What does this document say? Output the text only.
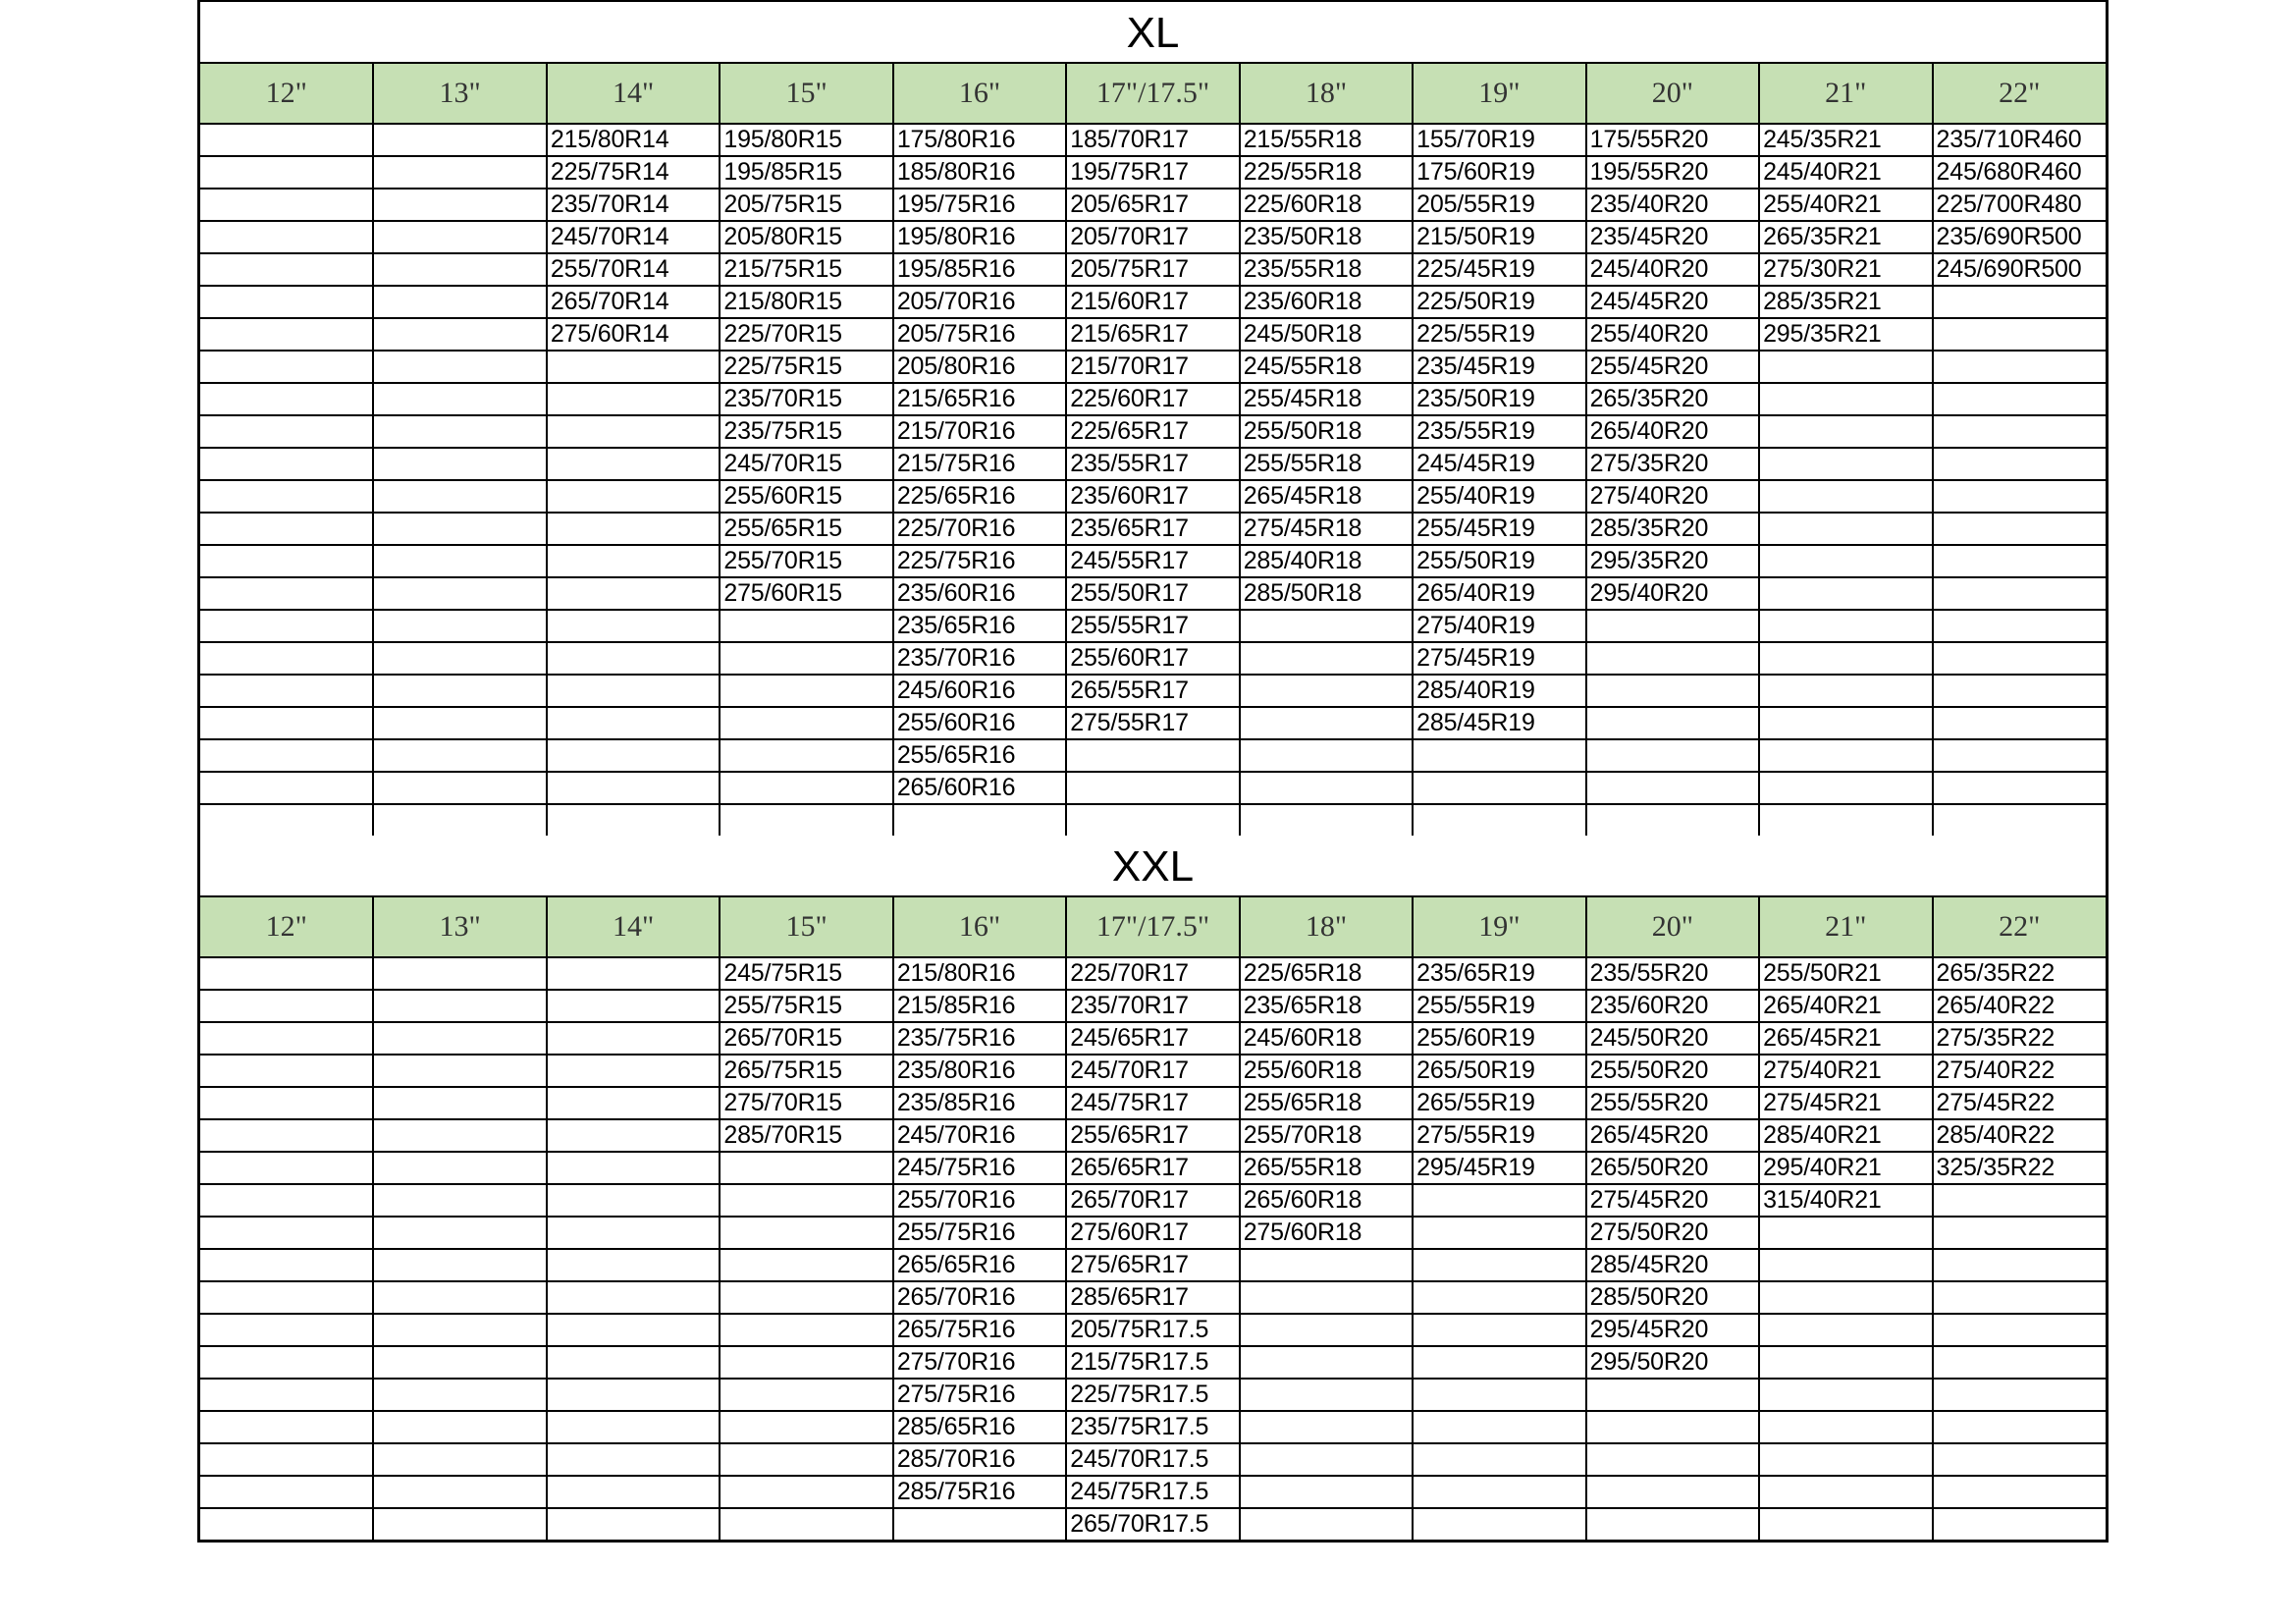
XL
12"	13"	14"	15"	16"	17"/17.5"	18"	19"	20"	21"	22"
		215/80R14	195/80R15	175/80R16	185/70R17	215/55R18	155/70R19	175/55R20	245/35R21	235/710R460
		225/75R14	195/85R15	185/80R16	195/75R17	225/55R18	175/60R19	195/55R20	245/40R21	245/680R460
		235/70R14	205/75R15	195/75R16	205/65R17	225/60R18	205/55R19	235/40R20	255/40R21	225/700R480
		245/70R14	205/80R15	195/80R16	205/70R17	235/50R18	215/50R19	235/45R20	265/35R21	235/690R500
		255/70R14	215/75R15	195/85R16	205/75R17	235/55R18	225/45R19	245/40R20	275/30R21	245/690R500
		265/70R14	215/80R15	205/70R16	215/60R17	235/60R18	225/50R19	245/45R20	285/35R21	
		275/60R14	225/70R15	205/75R16	215/65R17	245/50R18	225/55R19	255/40R20	295/35R21	
			225/75R15	205/80R16	215/70R17	245/55R18	235/45R19	255/45R20		
			235/70R15	215/65R16	225/60R17	255/45R18	235/50R19	265/35R20		
			235/75R15	215/70R16	225/65R17	255/50R18	235/55R19	265/40R20		
			245/70R15	215/75R16	235/55R17	255/55R18	245/45R19	275/35R20		
			255/60R15	225/65R16	235/60R17	265/45R18	255/40R19	275/40R20		
			255/65R15	225/70R16	235/65R17	275/45R18	255/45R19	285/35R20		
			255/70R15	225/75R16	245/55R17	285/40R18	255/50R19	295/35R20		
			275/60R15	235/60R16	255/50R17	285/50R18	265/40R19	295/40R20		
				235/65R16	255/55R17		275/40R19			
				235/70R16	255/60R17		275/45R19			
				245/60R16	265/55R17		285/40R19			
				255/60R16	275/55R17		285/45R19			
				255/65R16						
				265/60R16						

XXL
12"	13"	14"	15"	16"	17"/17.5"	18"	19"	20"	21"	22"
			245/75R15	215/80R16	225/70R17	225/65R18	235/65R19	235/55R20	255/50R21	265/35R22
			255/75R15	215/85R16	235/70R17	235/65R18	255/55R19	235/60R20	265/40R21	265/40R22
			265/70R15	235/75R16	245/65R17	245/60R18	255/60R19	245/50R20	265/45R21	275/35R22
			265/75R15	235/80R16	245/70R17	255/60R18	265/50R19	255/50R20	275/40R21	275/40R22
			275/70R15	235/85R16	245/75R17	255/65R18	265/55R19	255/55R20	275/45R21	275/45R22
			285/70R15	245/70R16	255/65R17	255/70R18	275/55R19	265/45R20	285/40R21	285/40R22
				245/75R16	265/65R17	265/55R18	295/45R19	265/50R20	295/40R21	325/35R22
				255/70R16	265/70R17	265/60R18		275/45R20	315/40R21	
				255/75R16	275/60R17	275/60R18		275/50R20		
				265/65R16	275/65R17			285/45R20		
				265/70R16	285/65R17			285/50R20		
				265/75R16	205/75R17.5			295/45R20		
				275/70R16	215/75R17.5			295/50R20		
				275/75R16	225/75R17.5					
				285/65R16	235/75R17.5					
				285/70R16	245/70R17.5					
				285/75R16	245/75R17.5					
					265/70R17.5					
